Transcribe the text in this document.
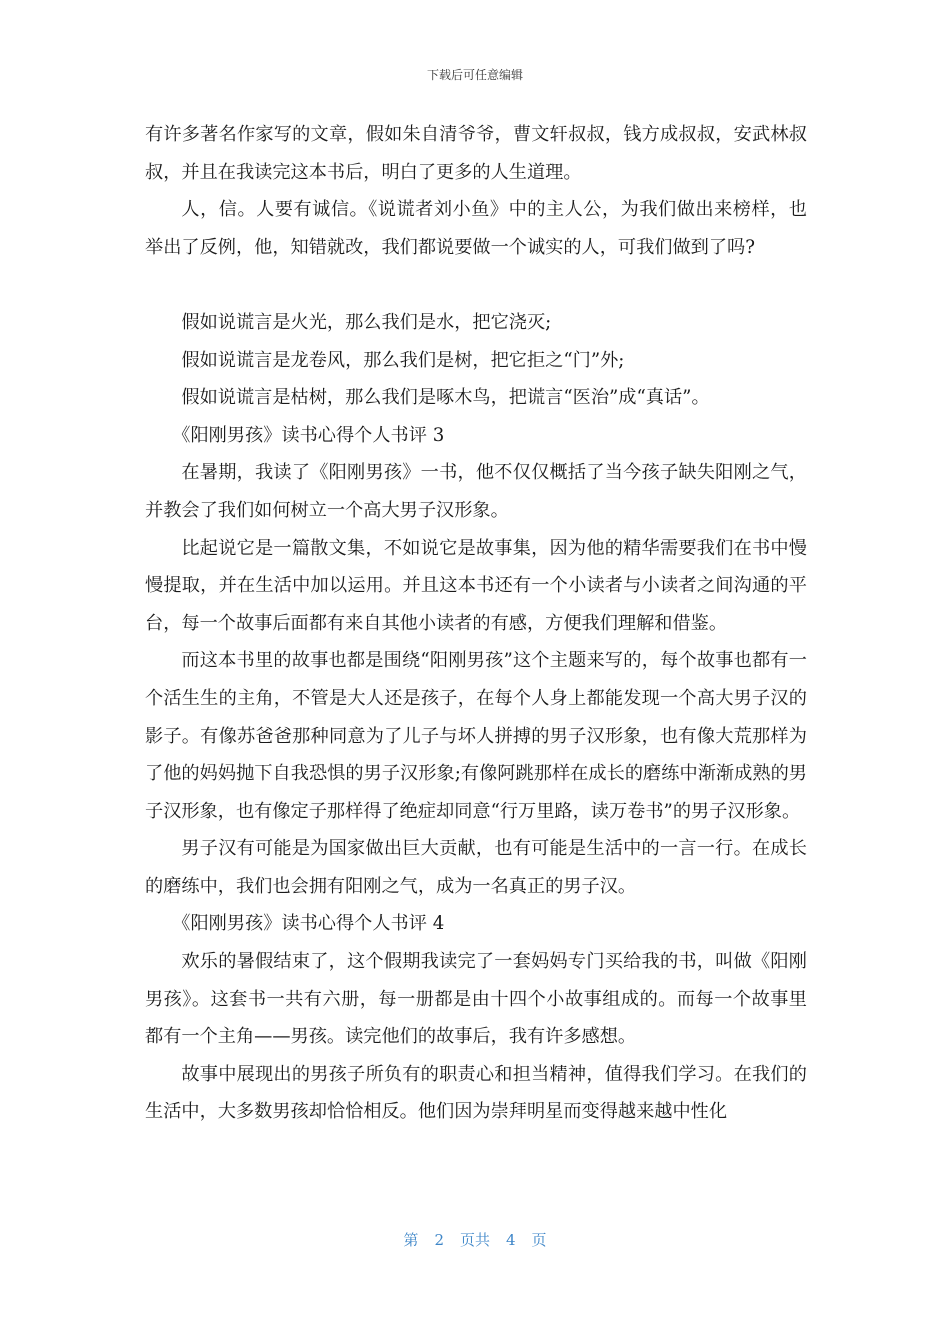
下载后可任意编辑

有许多著名作家写的文章，假如朱自清爷爷，曹文轩叔叔，钱方成叔叔，安武林叔叔，并且在我读完这本书后，明白了更多的人生道理。

人，信。人要有诚信。《说谎者刘小鱼》中的主人公，为我们做出来榜样，也举出了反例，他，知错就改，我们都说要做一个诚实的人，可我们做到了吗?

假如说谎言是火光，那么我们是水，把它浇灭;

假如说谎言是龙卷风，那么我们是树，把它拒之“门”外;

假如说谎言是枯树，那么我们是啄木鸟，把谎言“医治”成“真话”。

《阳刚男孩》读书心得个人书评 3

在暑期，我读了《阳刚男孩》一书，他不仅仅概括了当今孩子缺失阳刚之气，并教会了我们如何树立一个高大男子汉形象。

比起说它是一篇散文集，不如说它是故事集，因为他的精华需要我们在书中慢慢提取，并在生活中加以运用。并且这本书还有一个小读者与小读者之间沟通的平台，每一个故事后面都有来自其他小读者的有感，方便我们理解和借鉴。

而这本书里的故事也都是围绕“阳刚男孩”这个主题来写的，每个故事也都有一个活生生的主角，不管是大人还是孩子，在每个人身上都能发现一个高大男子汉的影子。有像苏爸爸那种同意为了儿子与坏人拼搏的男子汉形象，也有像大荒那样为了他的妈妈抛下自我恐惧的男子汉形象;有像阿跳那样在成长的磨练中渐渐成熟的男子汉形象，也有像定子那样得了绝症却同意“行万里路，读万卷书”的男子汉形象。

男子汉有可能是为国家做出巨大贡献，也有可能是生活中的一言一行。在成长的磨练中，我们也会拥有阳刚之气，成为一名真正的男子汉。

《阳刚男孩》读书心得个人书评 4

欢乐的暑假结束了，这个假期我读完了一套妈妈专门买给我的书，叫做《阳刚男孩》。这套书一共有六册，每一册都是由十四个小故事组成的。而每一个故事里都有一个主角——男孩。读完他们的故事后，我有许多感想。

故事中展现出的男孩子所负有的职责心和担当精神，值得我们学习。在我们的生活中，大多数男孩却恰恰相反。他们因为崇拜明星而变得越来越中性化

第 2 页共 4 页
